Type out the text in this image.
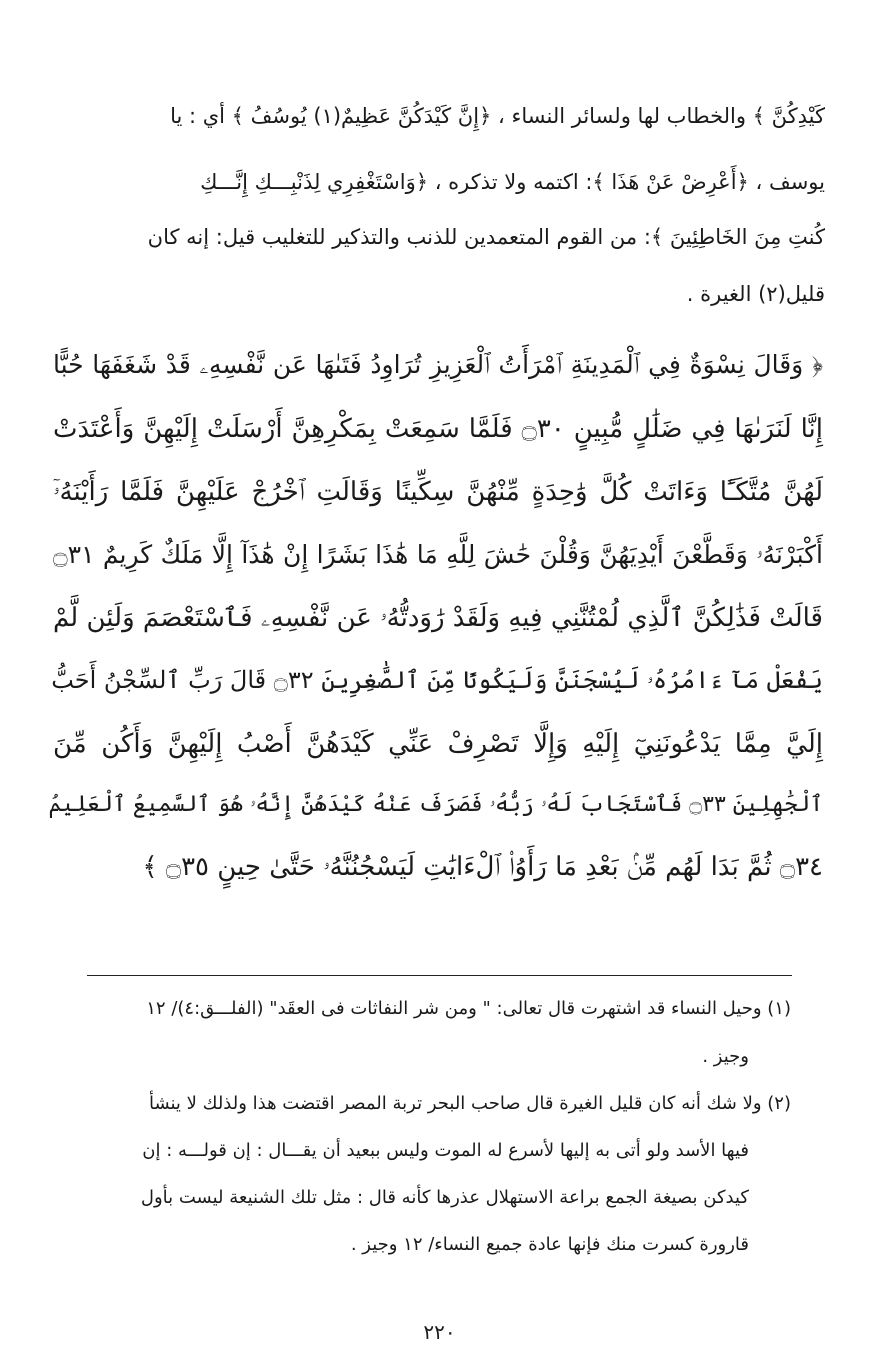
كَيْدِكُنَّ ﴾ والخطاب لها ولسائر النساء ، ﴿إِنَّ كَيْدَكُنَّ عَظِيمٌ(١) يُوسُفُ ﴾ أي : يا
يوسف ، ﴿أَعْرِضْ عَنْ هَذَا ﴾: اكتمه ولا تذكره ، ﴿وَاسْتَغْفِرِي لِذَنْبِـــكِ إِنَّـــكِ
كُنتِ مِنَ الخَاطِئِينَ ﴾: من القوم المتعمدين للذنب والتذكير للتغليب قيل: إنه كان
قليل(٢) الغيرة .
﴿ وَقَالَ نِسْوَةٌ فِي ٱلْمَدِينَةِ ٱمْرَأَتُ ٱلْعَزِيزِ تُرَاوِدُ فَتَىٰهَا عَن نَّفْسِهِۦ قَدْ شَغَفَهَا حُبًّا
إِنَّا لَنَرَىٰهَا فِي ضَلَٰلٍ مُّبِينٍ ۝٣٠ فَلَمَّا سَمِعَتْ بِمَكْرِهِنَّ أَرْسَلَتْ إِلَيْهِنَّ وَأَعْتَدَتْ
لَهُنَّ مُتَّكَـًٔا وَءَاتَتْ كُلَّ وَٰحِدَةٍ مِّنْهُنَّ سِكِّينًا وَقَالَتِ ٱخْرُجْ عَلَيْهِنَّ فَلَمَّا رَأَيْنَهُۥٓ
أَكْبَرْنَهُۥ وَقَطَّعْنَ أَيْدِيَهُنَّ وَقُلْنَ حَٰشَ لِلَّهِ مَا هَٰذَا بَشَرًا إِنْ هَٰذَآ إِلَّا مَلَكٌ كَرِيمٌ ۝٣١
قَالَتْ فَذَٰلِكُنَّ ٱلَّذِي لُمْتُنَّنِي فِيهِ وَلَقَدْ رَٰوَدتُّهُۥ عَن نَّفْسِهِۦ فَٱسْتَعْصَمَ وَلَئِن لَّمْ
يَفْعَلْ مَآ ءَامُرُهُۥ لَيُسْجَنَنَّ وَلَيَكُونًا مِّنَ ٱلصَّٰغِرِينَ ۝٣٢ قَالَ رَبِّ ٱلسِّجْنُ أَحَبُّ
إِلَيَّ مِمَّا يَدْعُونَنِيٓ إِلَيْهِ وَإِلَّا تَصْرِفْ عَنِّي كَيْدَهُنَّ أَصْبُ إِلَيْهِنَّ وَأَكُن مِّنَ
ٱلْجَٰهِلِينَ ۝٣٣ فَٱسْتَجَابَ لَهُۥ رَبُّهُۥ فَصَرَفَ عَنْهُ كَيْدَهُنَّ إِنَّهُۥ هُوَ ٱلسَّمِيعُ ٱلْعَلِيمُ
۝٣٤ ثُمَّ بَدَا لَهُم مِّنۢ بَعْدِ مَا رَأَوُا۟ ٱلْءَايَٰتِ لَيَسْجُنُنَّهُۥ حَتَّىٰ حِينٍ ۝٣٥ ﴾
(١) وحيل النساء قد اشتهرت قال تعالى: " ومن شر النفاثات فى العقَد" (الفلـــق:٤)/ ١٢
وجيز .
(٢) ولا شك أنه كان قليل الغيرة قال صاحب البحر تربة المصر اقتضت هذا ولذلك لا ينشأ
فيها الأسد ولو أتى به إليها لأسرع له الموت وليس ببعيد أن يقـــال : إن قولـــه : إن
كيدكن بصيغة الجمع براعة الاستهلال عذرها كأنه قال : مثل تلك الشنيعة ليست بأول
قارورة كسرت منك فإنها عادة جميع النساء/ ١٢ وجيز .
٢٢٠
